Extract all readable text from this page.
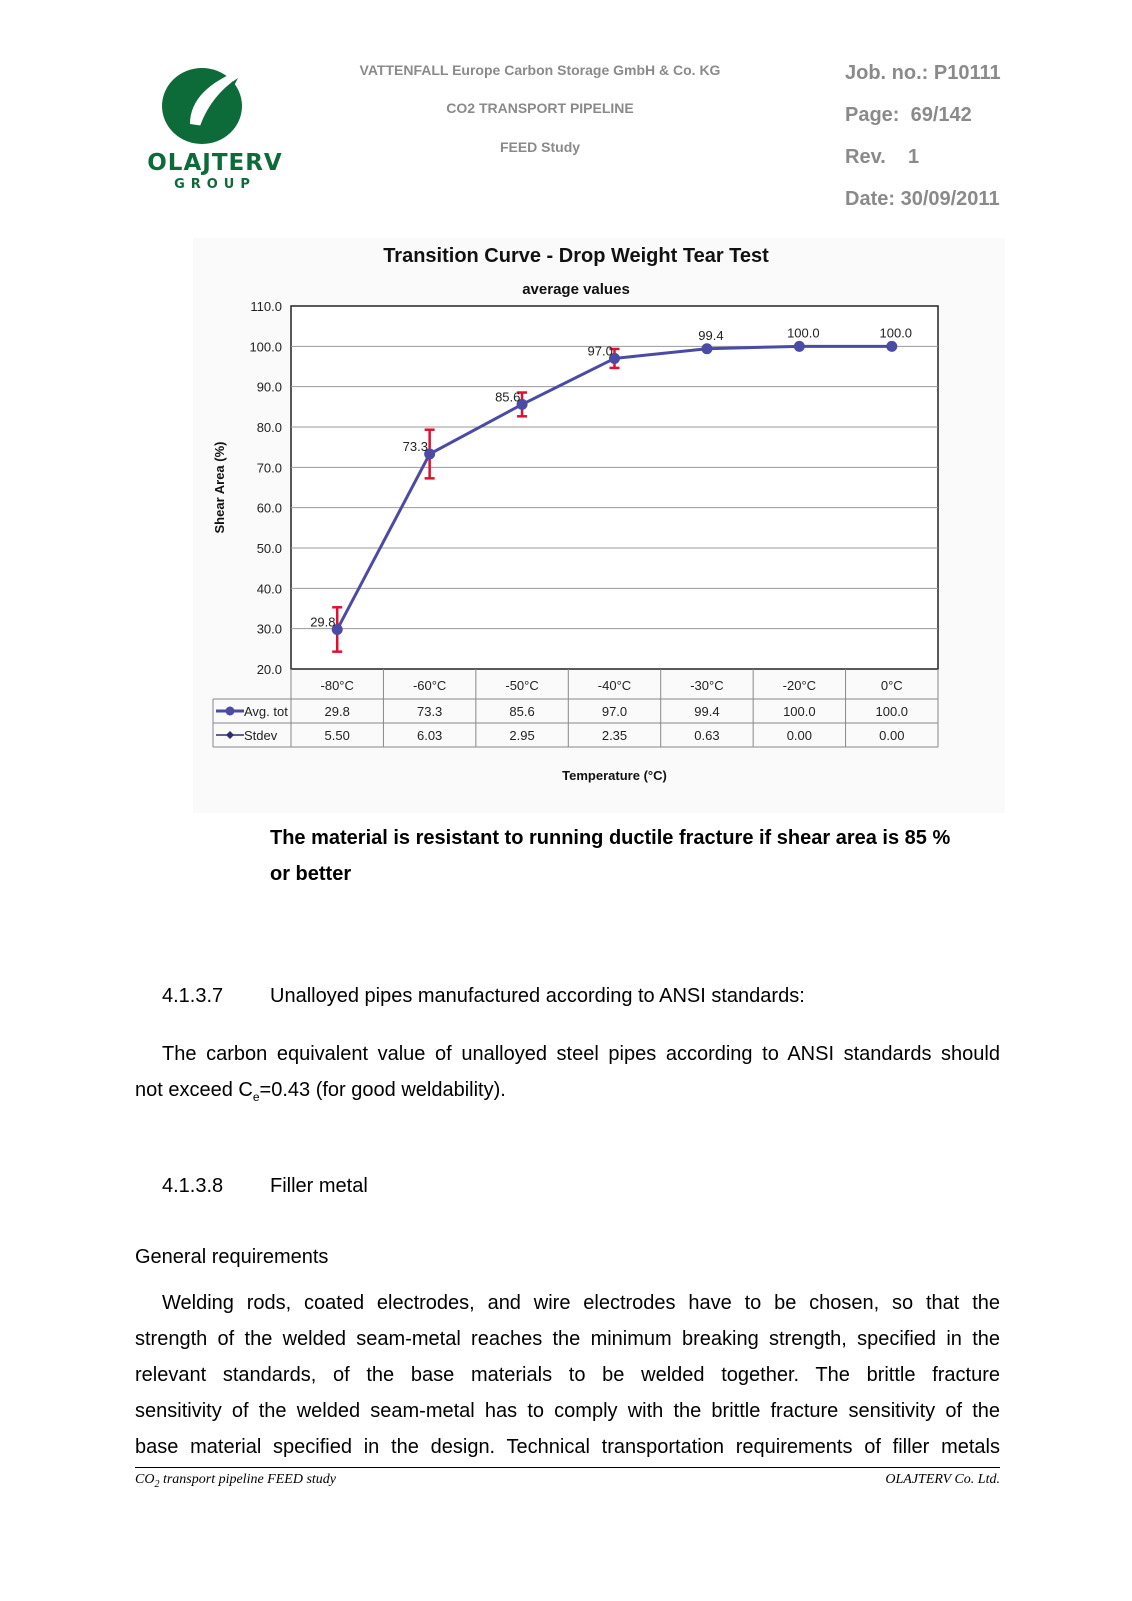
OLAJTERV
GROUP
VATTENFALL Europe Carbon Storage GmbH & Co. KG
CO2 TRANSPORT PIPELINE
FEED Study
Job. no.: P10111
Page:  69/142
Rev.    1
Date: 30/09/2011
Transition Curve - Drop Weight Tear Test
average values
20.0
30.0
40.0
50.0
60.0
70.0
80.0
90.0
100.0
110.0
Shear Area (%)
-80°C	-60°C	-50°C	-40°C	-30°C	-20°C	0°C
Avg. tot	29.8	73.3	85.6	97.0	99.4	100.0	100.0
Stdev	5.50	6.03	2.95	2.35	0.63	0.00	0.00
Temperature (°C)
29.8
73.3
85.6
97.0
99.4	100.0	100.0
The material is resistant to running ductile fracture if shear area is 85 %
or better
4.1.3.7 Unalloyed pipes manufactured according to ANSI standards:
The carbon equivalent value of unalloyed steel pipes according to ANSI standards should
not exceed $C_e=0.43$ (for good weldability).
4.1.3.8 Filler metal
General requirements
Welding rods, coated electrodes, and wire electrodes have to be chosen, so that the
strength of the welded seam-metal reaches the minimum breaking strength, specified in the
relevant standards, of the base materials to be welded together. The brittle fracture
sensitivity of the welded seam-metal has to comply with the brittle fracture sensitivity of the
base material specified in the design. Technical transportation requirements of filler metals
$CO_2$ transport pipeline FEED study	OLAJTERV Co. Ltd.
